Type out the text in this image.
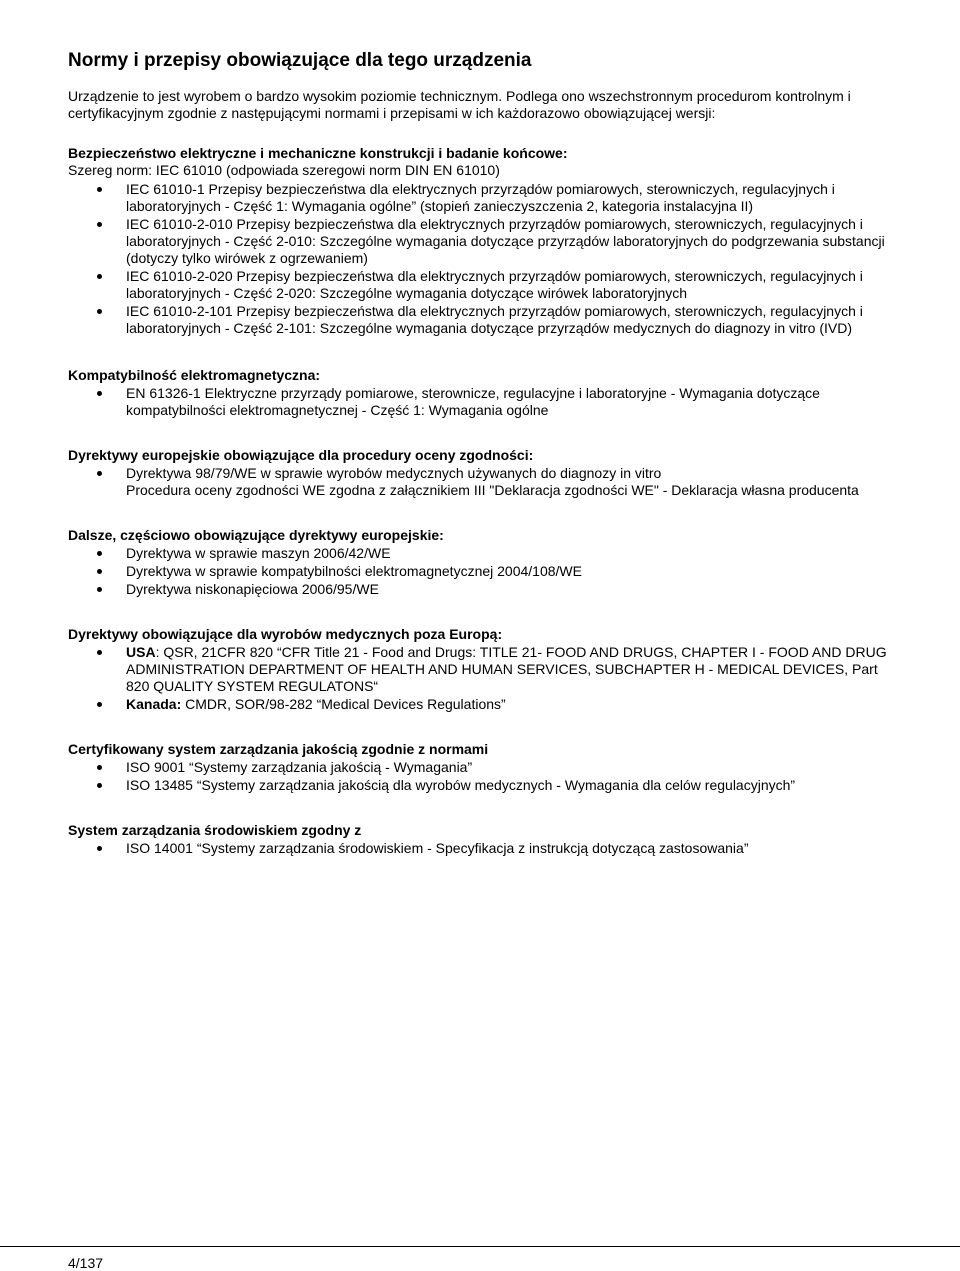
Normy i przepisy obowiązujące dla tego urządzenia

Urządzenie to jest wyrobem o bardzo wysokim poziomie technicznym. Podlega ono wszechstronnym procedurom kontrolnym i certyfikacyjnym zgodnie z następującymi normami i przepisami w ich każdorazowo obowiązującej wersji:

Bezpieczeństwo elektryczne i mechaniczne konstrukcji i badanie końcowe:

Szereg norm: IEC 61010 (odpowiada szeregowi norm DIN EN 61010)

IEC 61010-1 Przepisy bezpieczeństwa dla elektrycznych przyrządów pomiarowych, sterowniczych, regulacyjnych i laboratoryjnych - Część 1: Wymagania ogólne” (stopień zanieczyszczenia 2, kategoria instalacyjna II)
IEC 61010-2-010 Przepisy bezpieczeństwa dla elektrycznych przyrządów pomiarowych, sterowniczych, regulacyjnych i laboratoryjnych - Część 2-010: Szczególne wymagania dotyczące przyrządów laboratoryjnych do podgrzewania substancji (dotyczy tylko wirówek z ogrzewaniem)
IEC 61010-2-020 Przepisy bezpieczeństwa dla elektrycznych przyrządów pomiarowych, sterowniczych, regulacyjnych i laboratoryjnych - Część 2-020: Szczególne wymagania dotyczące wirówek laboratoryjnych
IEC 61010-2-101 Przepisy bezpieczeństwa dla elektrycznych przyrządów pomiarowych, sterowniczych, regulacyjnych i laboratoryjnych - Część 2-101: Szczególne wymagania dotyczące przyrządów medycznych do diagnozy in vitro (IVD)

Kompatybilność elektromagnetyczna:

EN 61326-1 Elektryczne przyrządy pomiarowe, sterownicze, regulacyjne i laboratoryjne - Wymagania dotyczące kompatybilności elektromagnetycznej - Część 1: Wymagania ogólne

Dyrektywy europejskie obowiązujące dla procedury oceny zgodności:

Dyrektywa 98/79/WE w sprawie wyrobów medycznych używanych do diagnozy in vitro
Procedura oceny zgodności WE zgodna z załącznikiem III "Deklaracja zgodności WE" - Deklaracja własna producenta

Dalsze, częściowo obowiązujące dyrektywy europejskie:

Dyrektywa w sprawie maszyn 2006/42/WE
Dyrektywa w sprawie kompatybilności elektromagnetycznej 2004/108/WE
Dyrektywa niskonapięciowa 2006/95/WE

Dyrektywy obowiązujące dla wyrobów medycznych poza Europą:

USA: QSR, 21CFR 820 “CFR Title 21 - Food and Drugs: TITLE 21- FOOD AND DRUGS, CHAPTER I - FOOD AND DRUG ADMINISTRATION DEPARTMENT OF HEALTH AND HUMAN SERVICES, SUBCHAPTER H - MEDICAL DEVICES, Part 820 QUALITY SYSTEM REGULATONS“
Kanada: CMDR, SOR/98-282 “Medical Devices Regulations”

Certyfikowany system zarządzania jakością zgodnie z normami

ISO 9001 “Systemy zarządzania jakością - Wymagania”
ISO 13485 “Systemy zarządzania jakością dla wyrobów medycznych - Wymagania dla celów regulacyjnych”

System zarządzania środowiskiem zgodny z

ISO 14001 “Systemy zarządzania środowiskiem - Specyfikacja z instrukcją dotyczącą zastosowania”
4/137
